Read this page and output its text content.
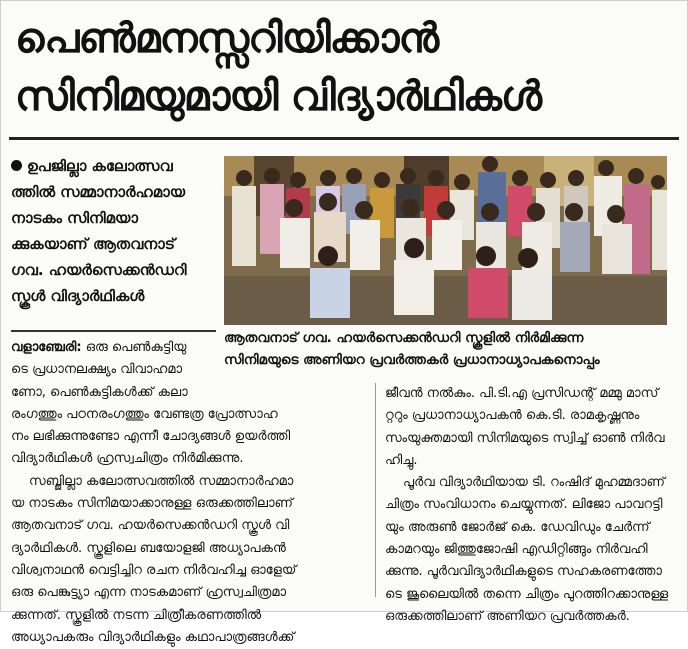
പെൺമനസ്സറിയിക്കാൻ
സിനിമയുമായി വിദ്യാർഥികൾ
ഉപജില്ലാ കലോത്സവ
ത്തിൽ സമ്മാനാർഹമായ
നാടകം സിനിമയാ
ക്കുകയാണ് ആതവനാട്
ഗവ. ഹയർസെക്കൻഡറി
സ്കൂൾ വിദ്യാർഥികൾ
ആതവനാട് ഗവ. ഹയർസെക്കൻഡറി സ്കൂളിൽ നിർമിക്കുന്ന
സിനിമയുടെ അണിയറ പ്രവർത്തകർ പ്രധാനാധ്യാപകനൊപ്പം
വളാഞ്ചേരി: ഒരു പെൺകുട്ടിയു
ടെ പ്രധാനലക്ഷ്യം വിവാഹമാ
ണോ, പെൺകുട്ടികൾക്ക് കലാ
രംഗത്തും പഠനരംഗത്തും വേണ്ടത്ര പ്രോത്സാഹ
നം ലഭിക്കുന്നുണ്ടോ എന്നീ ചോദ്യങ്ങൾ ഉയർത്തി
വിദ്യാർഥികൾ ഹ്രസ്വചിത്രം നിർമിക്കുന്നു.
സബ്ജില്ലാ കലോത്സവത്തിൽ സമ്മാനാർഹമാ
യ നാടകം സിനിമയാക്കാനുള്ള ഒരുക്കത്തിലാണ്
ആതവനാട് ഗവ. ഹയർസെക്കൻഡറി സ്കൂൾ വി
ദ്യാർഥികൾ. സ്കൂളിലെ ബയോളജി അധ്യാപകൻ
വിശ്വനാഥൻ വെട്ടിച്ചിറ രചന നിർവഹിച്ച ഓളേയ്
ഒരു പെങ്കുട്ട്യാ എന്ന നാടകമാണ് ഹ്രസ്വചിത്രമാ
ക്കുന്നത്. സ്കൂളിൽ നടന്ന ചിത്രീകരണത്തിൽ
അധ്യാപകരും വിദ്യാർഥികളും കഥാപാത്രങ്ങൾക്ക്
ജീവൻ നൽകും. പി.ടി.എ പ്രസിഡന്റ് മമ്മു മാസ്
റ്ററും പ്രധാനാധ്യാപകൻ കെ.ടി. രാമകൃഷ്ണനും
സംയുക്തമായി സിനിമയുടെ സ്വിച്ച് ഓൺ നിർവ
ഹിച്ചു.
പൂർവ വിദ്യാർഥിയായ ടി. റംഷിദ് മുഹമ്മദാണ്
ചിത്രം സംവിധാനം ചെയ്യുന്നത്. ലിജോ പാവറട്ടി
യും അരുൺ ജോർജ് കെ. ഡേവിഡും ചേർന്ന്
കാമറയും ജിത്തുജോഷി എഡിറ്റിങ്ങും നിർവഹി
ക്കുന്നു. പൂർവവിദ്യാർഥികളുടെ സഹകരണത്തോ
ടെ ജൂലൈയിൽ തന്നെ ചിത്രം പുറത്തിറക്കാനുള്ള
ഒരുക്കത്തിലാണ് അണിയറ പ്രവർത്തകർ.
